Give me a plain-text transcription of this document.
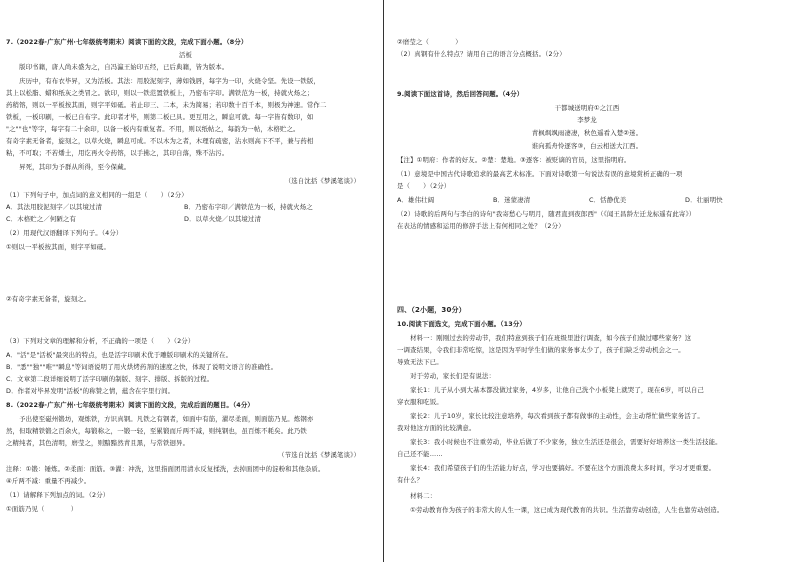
7.（2022春·广东广州·七年级统考期末）阅读下面的文段，完成下面小题。（8分）
活板
　　版印书籍，唐人尚未盛为之，自冯瀛王始印五经，已后典籍，皆为版本。
　　庆历中，有布衣毕昇，又为活板。其法：用胶泥刻字，薄如钱唇，每字为一印，火烧令坚。先设一铁版，
其上以松脂、蜡和纸灰之类冒之。欲印，则以一铁范置铁板上，乃密布字印。满铁范为一板，持就火炀之；
药稍镕，则以一平板按其面，则字平如砥。若止印三、二本，未为简易；若印数十百千本，则极为神速。常作二
铁板，一板印刷，一板已自布字。此印者才毕，则第二板已具。更互用之，瞬息可就。每一字皆有数印，如
"之""也"等字，每字有二十余印，以备一板内有重复者。不用，则以纸帖之，每韵为一帖，木格贮之。
有奇字素无备者，旋刻之，以草火烧，瞬息可成。不以木为之者，木理有疏密，沾水则高下不平，兼与药相
粘，不可取；不若燔土，用讫再火令药镕，以手拂之，其印自落，殊不沾污。
　　昇死，其印为予群从所得，至今保藏。
（选自沈括《梦溪笔谈》）
（1）下列句子中，加点词的意义相同的一组是（　　）（2分）
A．其法用胶泥刻字／以其境过清	B．乃密布字印／满铁范为一板，持就火炀之
C．木格贮之／何陋之有	D．以草火烧／以其境过清
（2）用现代汉语翻译下列句子。（4分）
①则以一平板按其面，则字平如砥。
②有奇字素无备者，旋刻之。
（3）下列对文章的理解和分析，不正确的一项是（　　）（2分）
A．"活"是"活板"最突出的特点，也是活字印刷术优于雕版印刷术的关键所在。
B．"悉""独""唯""瞬息"等词语说明了用火烘烤药剂的速度之快，体现了说明文语言的准确性。
C．文章第二段详细说明了活字印刷的制版、刻字、排版、拆版的过程。
D．作者对毕昇发明"活板"的称赞之情，蕴含在字里行间。
8.（2022春·广东广州·七年级统考期末）阅读下面的文段，完成后面的题目。（4分）
　　予出使至磁州锻坊，观炼铁，方识真钢。凡铁之有钢者，如面中有筋，濯尽柔面，则面筋乃见。炼钢亦
然，但取精铁锻之百余火，每锻称之，一锻一轻，至累锻而斤两不减，则纯钢也，虽百炼不耗矣。此乃铁
之精纯者，其色清明，磨莹之，则黯黯然青且黑，与常铁迥异。
（节选自沈括《梦溪笔谈》）
注释：①锻：锤炼。②柔面：面筋。③濯：冲洗，这里指面团用清水反复揉洗，去掉面团中的淀粉和其他杂质。
④斤两不减：重量不再减少。
（1）请解释下列加点的词。（2分）
①面筋乃见（　　　　）
②磨莹之（　　　　）
（2）真钢有什么特点？请用自己的语言分点概括。（2分）
9.阅读下面这首诗，然后回答问题。（4分）
干都城送明府①之江西
李梦龙
青枫飒飒雨凄凄，秋色遥看入楚②迷。
谁向孤舟怜逐客③，白云相送大江西。
【注】①明府：作者的好友。②楚：楚地。③逐客：被贬谪的官员，这里指明府。
（1）意境是中国古代诗歌追求的最高艺术标准。下面对诗歌第一句说法有误的意境赏析正确的一项
是（　　）（2分）
A．雄伟壮阔	B．迷蒙凄清	C．恬静优美	D．壮丽明快
（2）诗歌的后两句与李白的诗句"我寄愁心与明月，随君直到夜郎西"（《闻王昌龄左迁龙标遥有此寄》）
在表达的情感和运用的修辞手法上有何相同之处？（2分）
四、（2小题，30分）
10.阅读下面选文，完成下面小题。（13分）
　　材料一：刚刚过去的劳动节，我们特意到孩子们在班级里进行调查，如今孩子们做过哪些家务？这
一调查结果，令我们非常吃惊，这是因为平时学生们做的家务事太少了，孩子们缺乏劳动机会之一。
导致无法下已。
　　对于劳动，家长们是有说法：
　　家长1：儿子从小到大基本都没做过家务，4岁多，让他自己洗个小板凳上就哭了，现在6岁，可以自己
穿衣服和吃饭。
　　家长2：儿子10岁，家长比较注意培养，每次看到孩子都有做事的主动性，会主动帮忙做些家务活了。
我对他这方面的比较满意。
　　家长3：我小时候也不注重劳动，毕业后做了不少家务，独立生活还是很会，需要好好培养这一类生活技能。
自己还不能……
　　家长4：我们希望孩子们的生活能力好点，学习也要搞好。不要在这个方面浪费太多时间，学习才更重要。
有什么？
　　材料二：
　　①劳动教育作为孩子的非常大的人生一课，这已成为现代教育的共识。生活靠劳动创造，人生也靠劳动创造。
